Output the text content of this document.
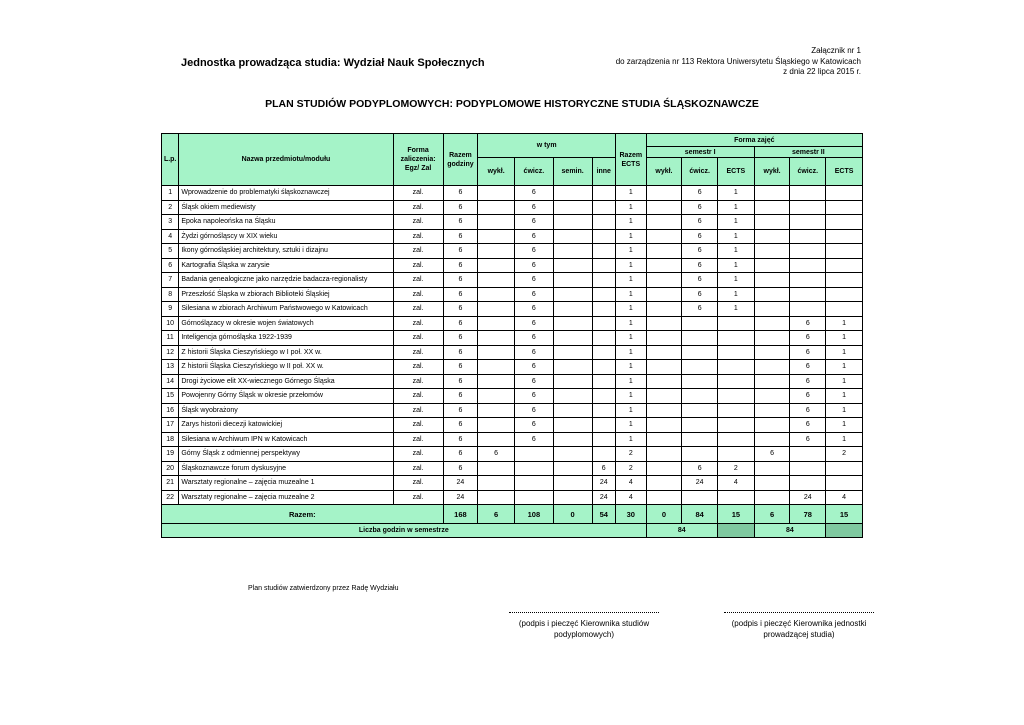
Jednostka prowadząca studia: Wydział Nauk Społecznych
Załącznik nr 1
do zarządzenia nr 113 Rektora Uniwersytetu Śląskiego w Katowicach
z dnia 22 lipca 2015 r.
PLAN STUDIÓW PODYPLOMOWYCH: PODYPLOMOWE HISTORYCZNE STUDIA ŚLĄSKOZNAWCZE
L.p.	Nazwa przedmiotu/modułu	Forma zaliczenia: Egz/ Zal	Razem godziny	w tym				Razem ECTS	Forma zajęć					
									semestr I			semestr II		
				wykł.	ćwicz.	semin.	inne		wykł.	ćwicz.	ECTS	wykł.	ćwicz.	ECTS
1	Wprowadzenie do problematyki śląskoznawczej	zal.	6		6			1		6	1			
2	Śląsk okiem mediewisty	zal.	6		6			1		6	1			
3	Epoka napoleońska na Śląsku	zal.	6		6			1		6	1			
4	Żydzi górnośląscy w XIX wieku	zal.	6		6			1		6	1			
5	Ikony górnośląskiej architektury, sztuki i dizajnu	zal.	6		6			1		6	1			
6	Kartografia Śląska w zarysie	zal.	6		6			1		6	1			
7	Badania genealogiczne jako narzędzie badacza-regionalisty	zal.	6		6			1		6	1			
8	Przeszłość Śląska w zbiorach Biblioteki Śląskiej	zal.	6		6			1		6	1			
9	Silesiana w zbiorach Archiwum Państwowego w Katowicach	zal.	6		6			1		6	1			
10	Górnoślązacy w okresie wojen światowych	zal.	6		6			1					6	1
11	Inteligencja górnośląska 1922-1939	zal.	6		6			1					6	1
12	Z historii Śląska Cieszyńskiego w I poł. XX w.	zal.	6		6			1					6	1
13	Z historii Śląska Cieszyńskiego w II poł. XX w.	zal.	6		6			1					6	1
14	Drogi życiowe elit XX-wiecznego Górnego Śląska	zal.	6		6			1					6	1
15	Powojenny Górny Śląsk w okresie przełomów	zal.	6		6			1					6	1
16	Śląsk wyobrażony	zal.	6		6			1					6	1
17	Zarys historii diecezji katowickiej	zal.	6		6			1					6	1
18	Silesiana w Archiwum IPN w Katowicach	zal.	6		6			1					6	1
19	Górny Śląsk z odmiennej perspektywy	zal.	6	6				2				6		2
20	Śląskoznawcze forum dyskusyjne	zal.	6				6	2		6	2			
21	Warsztaty regionalne – zajęcia muzealne 1	zal.	24				24	4		24	4			
22	Warsztaty regionalne – zajęcia muzealne 2	zal.	24				24	4					24	4
Razem:			168	6	108	0	54	30	0	84	15	6	78	15
Liczba godzin w semestrze									84			84		
Plan studiów zatwierdzony przez Radę Wydziału
(podpis i pieczęć Kierownika studiów podyplomowych)
(podpis i pieczęć Kierownika jednostki prowadzącej studia)
